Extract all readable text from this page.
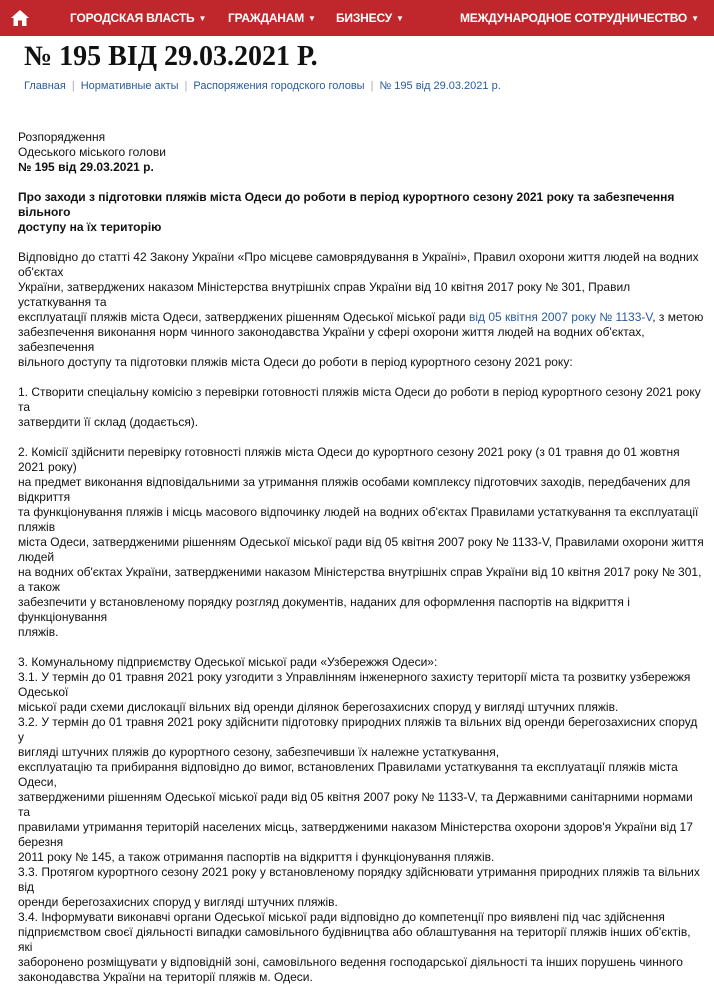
ГОРОДСКАЯ ВЛАСТЬ ▼ ГРАЖДАНАМ ▼ БИЗНЕСУ ▼	МЕЖДУНАРОДНОЕ СОТРУДНИЧЕСТВО ▼
№ 195 ВІД 29.03.2021 Р.
Главная | Нормативные акты | Распоряжения городского головы | № 195 від 29.03.2021 р.

Розпорядження
Одеського міського голови
№ 195 від 29.03.2021 р.

Про заходи з підготовки пляжів міста Одеси до роботи в період курортного сезону 2021 року та забезпечення вільного
доступу на їх територію

Відповідно до статті 42 Закону України «Про місцеве самоврядування в Україні», Правил охорони життя людей на водних об'єктах
України, затверджених наказом Міністерства внутрішніх справ України від 10 квітня 2017 року № 301, Правил устаткування та
експлуатації пляжів міста Одеси, затверджених рішенням Одеської міської ради від 05 квітня 2007 року № 1133-V, з метою
забезпечення виконання норм чинного законодавства України у сфері охорони життя людей на водних об'єктах, забезпечення
вільного доступу та підготовки пляжів міста Одеси до роботи в період курортного сезону 2021 року:

1. Створити спеціальну комісію з перевірки готовності пляжів міста Одеси до роботи в період курортного сезону 2021 року та
затвердити її склад (додається).

2. Комісії здійснити перевірку готовності пляжів міста Одеси до курортного сезону 2021 року (з 01 травня до 01 жовтня 2021 року)
на предмет виконання відповідальними за утримання пляжів особами комплексу підготовчих заходів, передбачених для відкриття
та функціонування пляжів і місць масового відпочинку людей на водних об'єктах Правилами устаткування та експлуатації пляжів
міста Одеси, затвердженими рішенням Одеської міської ради від 05 квітня 2007 року № 1133-V, Правилами охорони життя людей
на водних об'єктах України, затвердженими наказом Міністерства внутрішніх справ України від 10 квітня 2017 року № 301, а також
забезпечити у встановленому порядку розгляд документів, наданих для оформлення паспортів на відкриття і функціонування
пляжів.

3. Комунальному підприємству Одеської міської ради «Узбережжя Одеси»:
3.1. У термін до 01 травня 2021 року узгодити з Управлінням інженерного захисту території міста та розвитку узбережжя Одеської
міської ради схеми дислокації вільних від оренди ділянок берегозахисних споруд у вигляді штучних пляжів.
3.2. У термін до 01 травня 2021 року здійснити підготовку природних пляжів та вільних від оренди берегозахисних споруд у
вигляді штучних пляжів до курортного сезону, забезпечивши їх належне устаткування,
експлуатацію та прибирання відповідно до вимог, встановлених Правилами устаткування та експлуатації пляжів міста Одеси,
затвердженими рішенням Одеської міської ради від 05 квітня 2007 року № 1133-V, та Державними санітарними нормами та
правилами утримання територій населених місць, затвердженими наказом Міністерства охорони здоров'я України від 17 березня
2011 року № 145, а також отримання паспортів на відкриття і функціонування пляжів.
3.3. Протягом курортного сезону 2021 року у встановленому порядку здійснювати утримання природних пляжів та вільних від
оренди берегозахисних споруд у вигляді штучних пляжів.
3.4. Інформувати виконавчі органи Одеської міської ради відповідно до компетенції про виявлені під час здійснення
підприємством своєї діяльності випадки самовільного будівництва або облаштування на території пляжів інших об'єктів, які
заборонено розміщувати у відповідній зоні, самовільного ведення господарської діяльності та інших порушень чинного
законодавства України на території пляжів м. Одеси.
